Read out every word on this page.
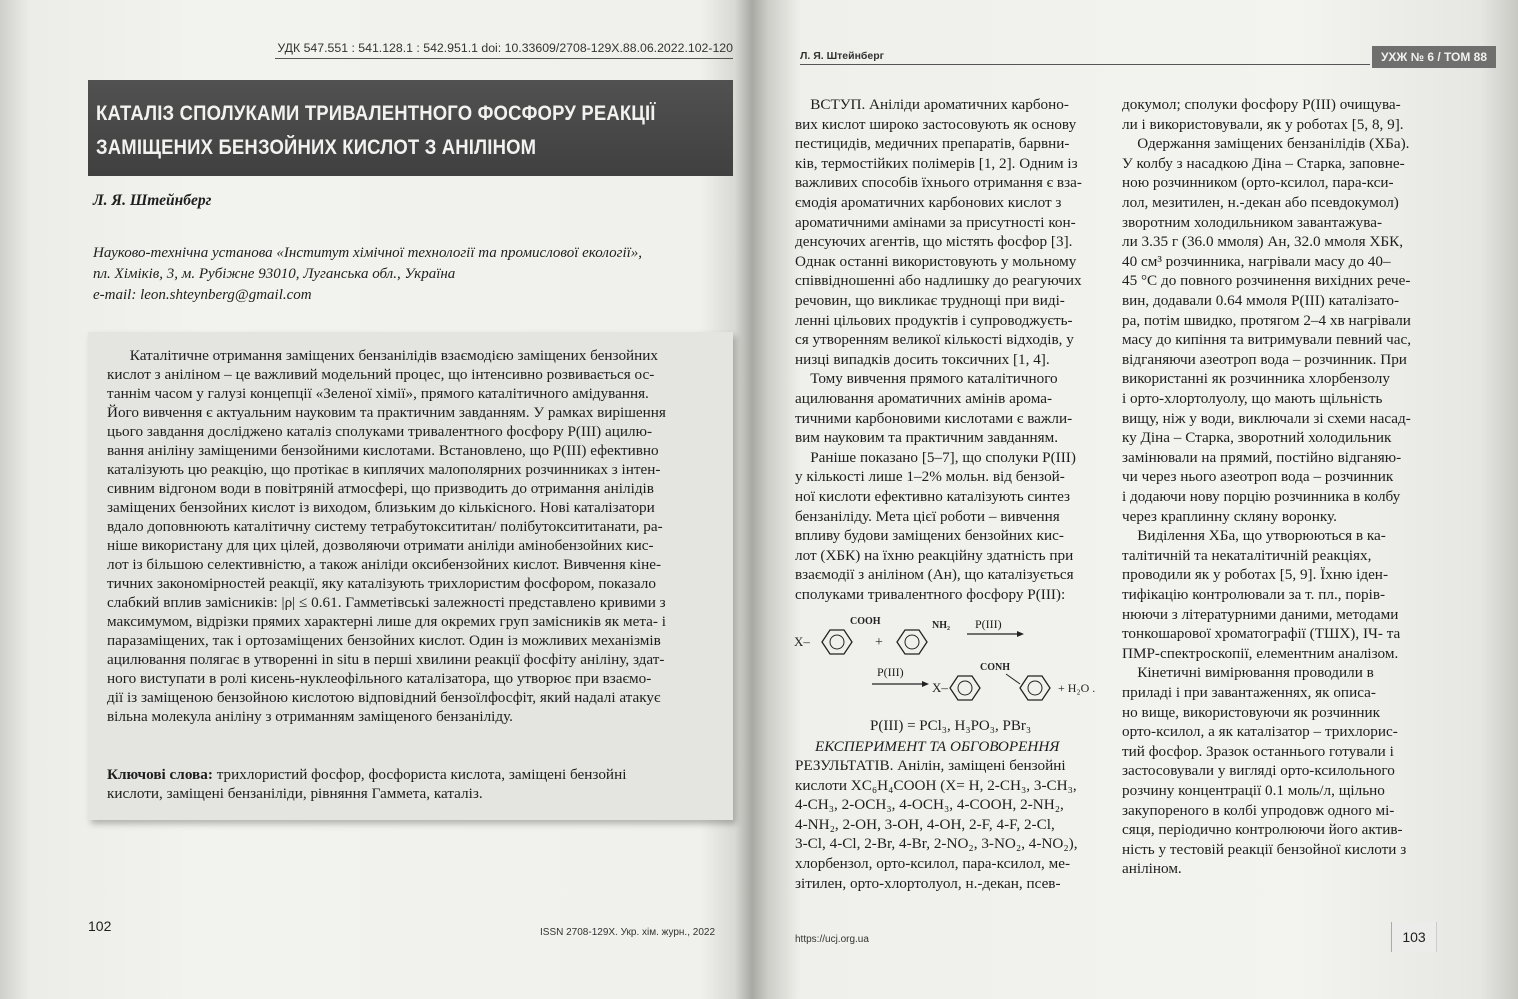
УДК 547.551 : 541.128.1 : 542.951.1 doi: 10.33609/2708-129X.88.06.2022.102-120
КАТАЛІЗ СПОЛУКАМИ ТРИВАЛЕНТНОГО ФОСФОРУ РЕАКЦІЇ
ЗАМІЩЕНИХ БЕНЗОЙНИХ КИСЛОТ З АНІЛІНОМ
Л. Я. Штейнберг
Науково-технічна установа «Інститут хімічної технології та промислової екології»,
пл. Хіміків, 3, м. Рубіжне 93010, Луганська обл., Україна
e-mail: leon.shteynberg@gmail.com
Каталітичне отримання заміщених бензанілідів взаємодією заміщених бензойних
кислот з аніліном – це важливий модельний процес, що інтенсивно розвивається ос-
таннім часом у галузі концепції «Зеленої хімії», прямого каталітичного амідування.
Його вивчення є актуальним науковим та практичним завданням. У рамках вирішення
цього завдання досліджено каталіз сполуками тривалентного фосфору Р(ІІІ) ацилю-
вання аніліну заміщеними бензойними кислотами. Встановлено, що Р(ІІІ) ефективно
каталізують цю реакцію, що протікає в киплячих малополярних розчинниках з інтен-
сивним відгоном води в повітряній атмосфері, що призводить до отримання анілідів
заміщених бензойних кислот із виходом, близьким до кількісного. Нові каталізатори
вдало доповнюють каталітичну систему тетрабутоксититан/ полібутоксититанати, ра-
ніше використану для цих цілей, дозволяючи отримати аніліди амінобензойних кис-
лот із більшою селективністю, а також аніліди оксибензойних кислот. Вивчення кіне-
тичних закономірностей реакції, яку каталізують трихлористим фосфором, показало
слабкий вплив замісників: |ρ| ≤ 0.61. Гамметівські залежності представлено кривими з
максимумом, відрізки прямих характерні лише для окремих груп замісників як мета- і
паразаміщених, так і ортозаміщених бензойних кислот. Один із можливих механізмів
ацилювання полягає в утворенні in situ в перші хвилини реакції фосфіту аніліну, здат-
ного виступати в ролі кисень-нуклеофільного каталізатора, що утворює при взаємо-
дії із заміщеною бензойною кислотою відповідний бензоїлфосфіт, який надалі атакує
вільна молекула аніліну з отриманням заміщеного бензаніліду.
Ключові слова: трихлористий фосфор, фосфориста кислота, заміщені бензойні
кислоти, заміщені бензаніліди, рівняння Гаммета, каталіз.
102	ISSN 2708-129X. Укр. хім. журн., 2022
Л. Я. Штейнберг	УХЖ № 6 / ТОМ 88
ВСТУП. Аніліди ароматичних карбоно-
вих кислот широко застосовують як основу
пестицидів, медичних препаратів, барвни-
ків, термостійких полімерів [1, 2]. Одним із
важливих способів їхнього отримання є вза-
ємодія ароматичних карбонових кислот з
ароматичними амінами за присутності кон-
денсуючих агентів, що містять фосфор [3].
Однак останні використовують у мольному
співвідношенні або надлишку до реагуючих
речовин, що викликає труднощі при виді-
ленні цільових продуктів і супроводжуєть-
ся утворенням великої кількості відходів, у
низці випадків досить токсичних [1, 4].
Тому вивчення прямого каталітичного
ацилювання ароматичних амінів арома-
тичними карбоновими кислотами є важли-
вим науковим та практичним завданням.
Раніше показано [5–7], що сполуки Р(ІІІ)
у кількості лише 1–2% мольн. від бензой-
ної кислоти ефективно каталізують синтез
бензаніліду. Мета цієї роботи – вивчення
впливу будови заміщених бензойних кис-
лот (ХБК) на їхню реакційну здатність при
взаємодії з аніліном (Ан), що каталізується
сполуками тривалентного фосфору Р(ІІІ):
X–
COOH
+
NH₂ P(III)
P(III)
X–
CONH
+ H₂O .
P(III) = PCl₃, H₃PO₃, PBr₃
ЕКСПЕРИМЕНТ ТА ОБГОВОРЕННЯ
РЕЗУЛЬТАТІВ. Анілін, заміщені бензойні
кислоти XC₆H₄COOH (X= H, 2-CH₃, 3-CH₃,
4-CH₃, 2-OCH₃, 4-OCH₃, 4-COOH, 2-NH₂,
4-NH₂, 2-OH, 3-OH, 4-OH, 2-F, 4-F, 2-Cl,
3-Cl, 4-Cl, 2-Br, 4-Br, 2-NO₂, 3-NO₂, 4-NO₂),
хлорбензол, орто-ксилол, пара-ксилол, ме-
зітилен, орто-хлортолуол, н.-декан, псев-
докумол; сполуки фосфору Р(ІІІ) очищува-
ли і використовували, як у роботах [5, 8, 9].
Одержання заміщених бензанілідів (ХБа).
У колбу з насадкою Діна – Старка, заповне-
ною розчинником (орто-ксилол, пара-кси-
лол, мезитилен, н.-декан або псевдокумол)
зворотним холодильником завантажува-
ли 3.35 г (36.0 ммоля) Ан, 32.0 ммоля ХБК,
40 см³ розчинника, нагрівали масу до 40–
45 °С до повного розчинення вихідних рече-
вин, додавали 0.64 ммоля Р(ІІІ) каталізато-
ра, потім швидко, протягом 2–4 хв нагрівали
масу до кипіння та витримували певний час,
відганяючи азеотроп вода – розчинник. При
використанні як розчинника хлорбензолу
і орто-хлортолуолу, що мають щільність
вищу, ніж у води, виключали зі схеми насад-
ку Діна – Старка, зворотний холодильник
замінювали на прямий, постійно відганяю-
чи через нього азеотроп вода – розчинник
і додаючи нову порцію розчинника в колбу
через краплинну скляну воронку.
Виділення ХБа, що утворюються в ка-
талітичній та некаталітичній реакціях,
проводили як у роботах [5, 9]. Їхню іден-
тифікацію контролювали за т. пл., порів-
нюючи з літературними даними, методами
тонкошарової хроматографії (ТШХ), ІЧ- та
ПМР-спектроскопії, елементним аналізом.
Кінетичні вимірювання проводили в
приладі і при завантаженнях, як описа-
но вище, використовуючи як розчинник
орто-ксилол, а як каталізатор – трихлорис-
тий фосфор. Зразок останнього готували і
застосовували у вигляді орто-ксилольного
розчину концентрації 0.1 моль/л, щільно
закупореного в колбі упродовж одного мі-
сяця, періодично контролюючи його актив-
ність у тестовій реакції бензойної кислоти з
аніліном.
https://ucj.org.ua	103
